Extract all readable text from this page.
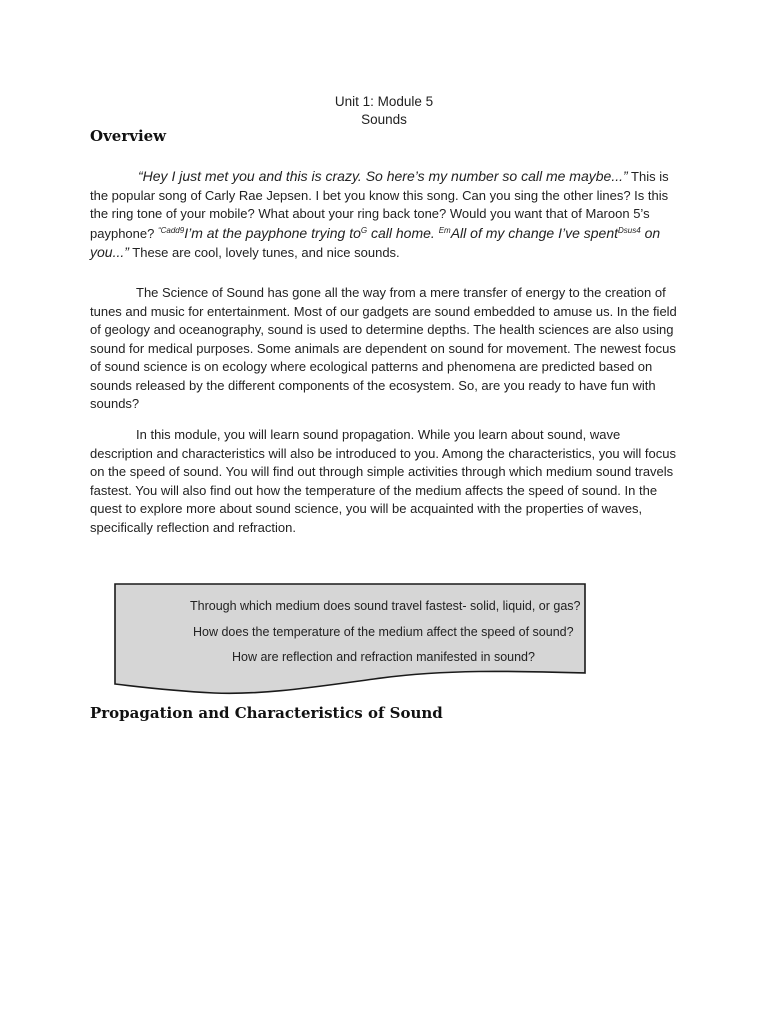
Unit 1: Module 5
Sounds
Overview

“Hey I just met you and this is crazy. So here’s my number so call me maybe...” This is the popular song of Carly Rae Jepsen. I bet you know this song. Can you sing the other lines? Is this the ring tone of your mobile? What about your ring back tone? Would you want that of Maroon 5’s payphone? $^{“Cadd9}$I’m at the payphone trying $to^G$ call home. $^{Em}$All of my change I’ve spent$^{Dsus4}$ on you...” These are cool, lovely tunes, and nice sounds.

The Science of Sound has gone all the way from a mere transfer of energy to the creation of tunes and music for entertainment. Most of our gadgets are sound embedded to amuse us. In the field of geology and oceanography, sound is used to determine depths. The health sciences are also using sound for medical purposes. Some animals are dependent on sound for movement. The newest focus of sound science is on ecology where ecological patterns and phenomena are predicted based on sounds released by the different components of the ecosystem. So, are you ready to have fun with sounds?

In this module, you will learn sound propagation. While you learn about sound, wave description and characteristics will also be introduced to you. Among the characteristics, you will focus on the speed of sound. You will find out through simple activities through which medium sound travels fastest. You will also find out how the temperature of the medium affects the speed of sound. In the quest to explore more about sound science, you will be acquainted with the properties of waves, specifically reflection and refraction.

Through which medium does sound travel fastest- solid, liquid, or gas?
How does the temperature of the medium affect the speed of sound?
How are reflection and refraction manifested in sound?
Propagation and Characteristics of Sound
